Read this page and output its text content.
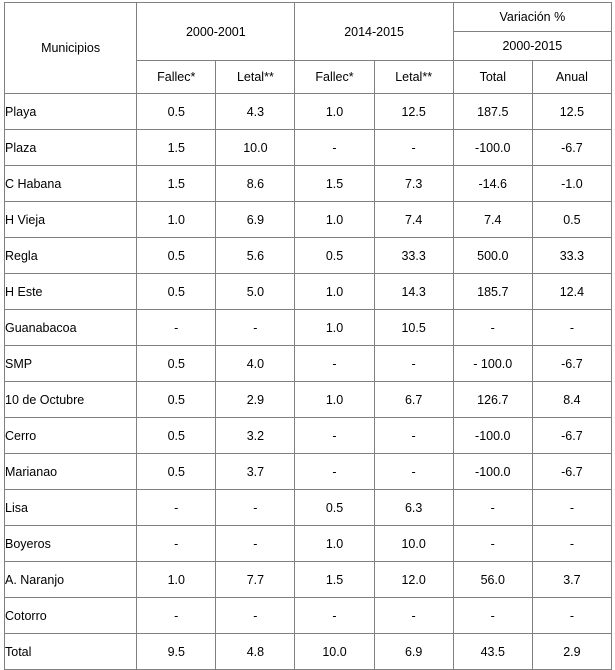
Municipios	2000-2001		2014-2015		Variación %	
					2000-2015	
	Fallec*	Letal**	Fallec*	Letal**	Total	Anual
Playa	0.5	4.3	1.0	12.5	187.5	12.5
Plaza	1.5	10.0	-	-	-100.0	-6.7
C Habana	1.5	8.6	1.5	7.3	-14.6	-1.0
H Vieja	1.0	6.9	1.0	7.4	7.4	0.5
Regla	0.5	5.6	0.5	33.3	500.0	33.3
H Este	0.5	5.0	1.0	14.3	185.7	12.4
Guanabacoa	-	-	1.0	10.5	-	-
SMP	0.5	4.0	-	-	- 100.0	-6.7
10 de Octubre	0.5	2.9	1.0	6.7	126.7	8.4
Cerro	0.5	3.2	-	-	-100.0	-6.7
Marianao	0.5	3.7	-	-	-100.0	-6.7
Lisa	-	-	0.5	6.3	-	-
Boyeros	-	-	1.0	10.0	-	-
A. Naranjo	1.0	7.7	1.5	12.0	56.0	3.7
Cotorro	-	-	-	-	-	-
Total	9.5	4.8	10.0	6.9	43.5	2.9
